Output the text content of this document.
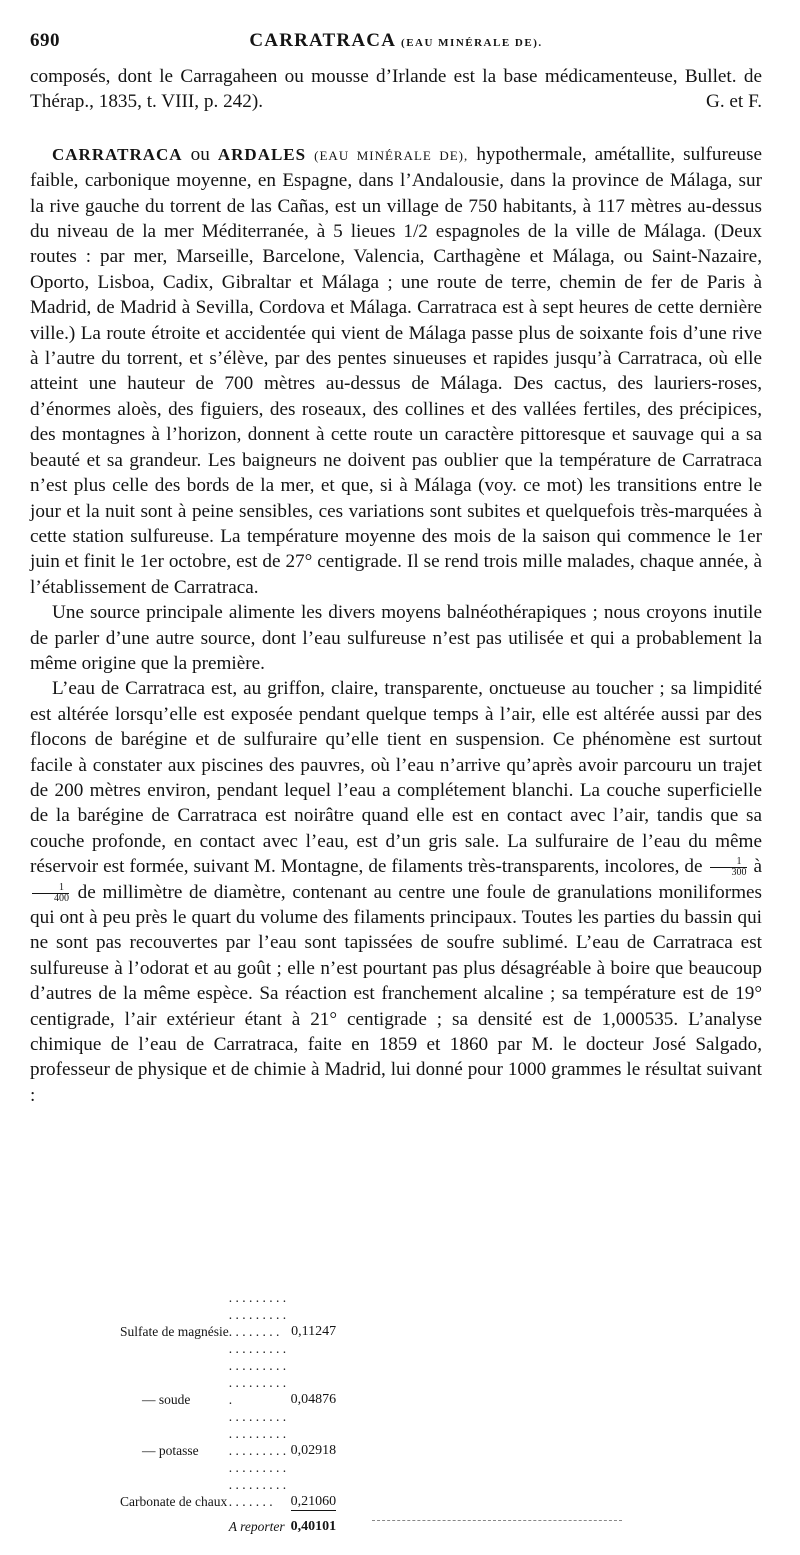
690	CARRATRACA (EAU MINÉRALE DE).

composés, dont le Carragaheen ou mousse d’Irlande est la base médicamenteuse, Bullet. de Thérap., 1835, t. VIII, p. 242).	G. et F.

CARRATRACA ou ARDALES (EAU MINÉRALE DE), hypothermale, amétallite, sulfureuse faible, carbonique moyenne, en Espagne, dans l’Andalousie, dans la province de Málaga, sur la rive gauche du torrent de las Cañas, est un village de 750 habitants, à 117 mètres au-dessus du niveau de la mer Méditerranée, à 5 lieues 1/2 espagnoles de la ville de Málaga. (Deux routes : par mer, Marseille, Barcelone, Valencia, Carthagène et Málaga, ou Saint-Nazaire, Oporto, Lisboa, Cadix, Gibraltar et Málaga ; une route de terre, chemin de fer de Paris à Madrid, de Madrid à Sevilla, Cordova et Málaga. Carratraca est à sept heures de cette dernière ville.) La route étroite et accidentée qui vient de Málaga passe plus de soixante fois d’une rive à l’autre du torrent, et s’élève, par des pentes sinueuses et rapides jusqu’à Carratraca, où elle atteint une hauteur de 700 mètres au-dessus de Málaga. Des cactus, des lauriers-roses, d’énormes aloès, des figuiers, des roseaux, des collines et des vallées fertiles, des précipices, des montagnes à l’horizon, donnent à cette route un caractère pittoresque et sauvage qui a sa beauté et sa grandeur. Les baigneurs ne doivent pas oublier que la température de Carratraca n’est plus celle des bords de la mer, et que, si à Málaga (voy. ce mot) les transitions entre le jour et la nuit sont à peine sensibles, ces variations sont subites et quelquefois très-marquées à cette station sulfureuse. La température moyenne des mois de la saison qui commence le 1er juin et finit le 1er octobre, est de 27° centigrade. Il se rend trois mille malades, chaque année, à l’établissement de Carratraca.

Une source principale alimente les divers moyens balnéothérapiques ; nous croyons inutile de parler d’une autre source, dont l’eau sulfureuse n’est pas utilisée et qui a probablement la même origine que la première.

L’eau de Carratraca est, au griffon, claire, transparente, onctueuse au toucher ; sa limpidité est altérée lorsqu’elle est exposée pendant quelque temps à l’air, elle est altérée aussi par des flocons de barégine et de sulfuraire qu’elle tient en suspension. Ce phénomène est surtout facile à constater aux piscines des pauvres, où l’eau n’arrive qu’après avoir parcouru un trajet de 200 mètres environ, pendant lequel l’eau a complétement blanchi. La couche superficielle de la barégine de Carratraca est noirâtre quand elle est en contact avec l’air, tandis que sa couche profonde, en contact avec l’eau, est d’un gris sale. La sulfuraire de l’eau du même réservoir est formée, suivant M. Montagne, de filaments très-transparents, incolores, de $\frac{1}{300}$ à
$\frac{1}{400}$ de millimètre de diamètre, contenant au centre une foule de granulations moniliformes qui ont à peu près le quart du volume des filaments principaux. Toutes les parties du bassin qui ne sont pas recouvertes par l’eau sont tapissées de soufre sublimé. L’eau de Carratraca est sulfureuse à l’odorat et au goût ; elle n’est pourtant pas plus désagréable à boire que beaucoup d’autres de la même espèce. Sa réaction est franchement alcaline ; sa température est de 19° centigrade, l’air extérieur étant à 21° centigrade ; sa densité est de 1,000535. L’analyse chimique de l’eau de Carratraca, faite en 1859 et 1860 par M. le docteur José Salgado, professeur de physique et de chimie à Madrid, lui donné pour 1000 grammes le résultat suivant :

Sulfate de magnésie	. . . . . . . . . . . . . . . . . . . . . . . . . .	0,11247
— soude	. . . . . . . . . . . . . . . . . . . . . . . . . . . .	0,04876
— potasse	. . . . . . . . . . . . . . . . . . . . . . . . . . .	0,02918
Carbonate de chaux	. . . . . . . . . . . . . . . . . . . . . . . . .	0,21060

	A reporter	0,40101
